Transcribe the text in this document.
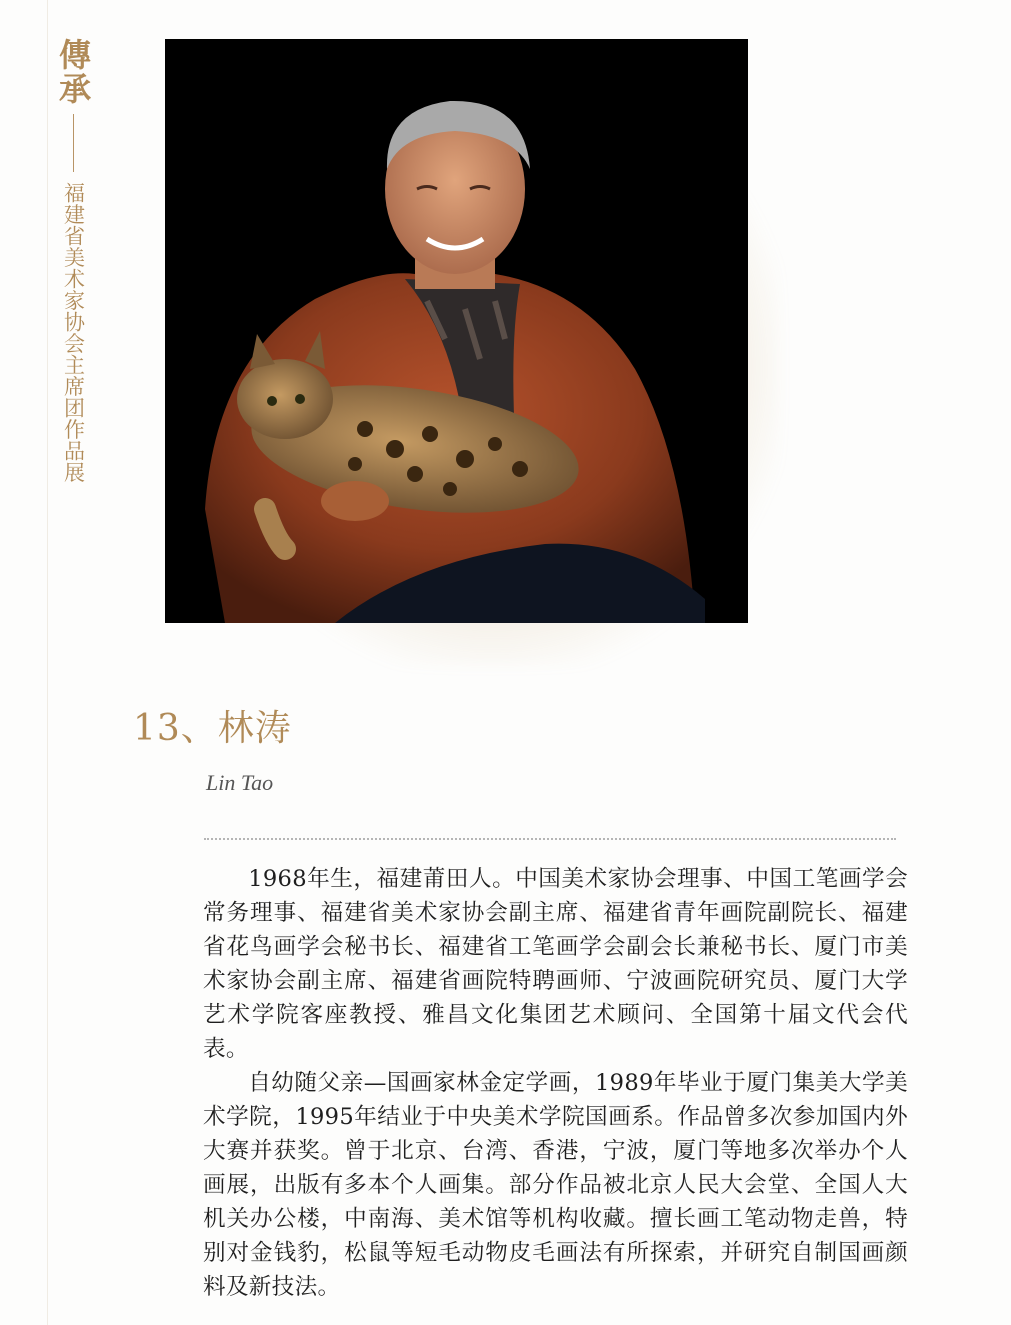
傳承
福建省美术家协会主席团作品展
13、林涛
Lin Tao

1968年生，福建莆田人。中国美术家协会理事、中国工笔画学会常务理事、福建省美术家协会副主席、福建省青年画院副院长、福建省花鸟画学会秘书长、福建省工笔画学会副会长兼秘书长、厦门市美术家协会副主席、福建省画院特聘画师、宁波画院研究员、厦门大学艺术学院客座教授、雅昌文化集团艺术顾问、全国第十届文代会代表。

自幼随父亲—国画家林金定学画，1989年毕业于厦门集美大学美术学院，1995年结业于中央美术学院国画系。作品曾多次参加国内外大赛并获奖。曾于北京、台湾、香港，宁波，厦门等地多次举办个人画展，出版有多本个人画集。部分作品被北京人民大会堂、全国人大机关办公楼，中南海、美术馆等机构收藏。擅长画工笔动物走兽，特别对金钱豹，松鼠等短毛动物皮毛画法有所探索，并研究自制国画颜料及新技法。
